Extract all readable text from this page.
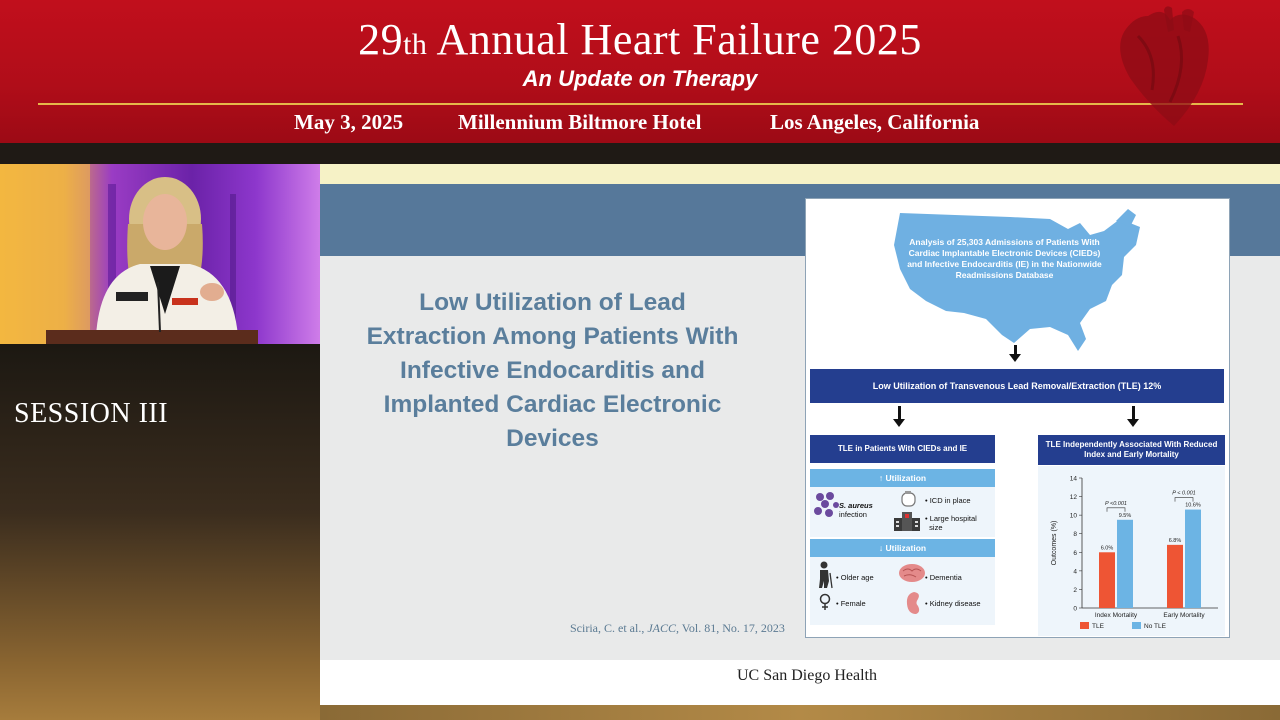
29th Annual Heart Failure 2025
An Update on Therapy
May 3, 2025	Millennium Biltmore Hotel	Los Angeles, California
SESSION III
Low Utilization of Lead Extraction Among Patients With Infective Endocarditis and Implanted Cardiac Electronic Devices
Sciria, C. et al., JACC, Vol. 81, No. 17, 2023
UC San Diego Health
Analysis of 25,303 Admissions of Patients With Cardiac Implantable Electronic Devices (CIEDs) and Infective Endocarditis (IE) in the Nationwide Readmissions Database
Low Utilization of Transvenous Lead Removal/Extraction (TLE) 12%
TLE in Patients With CIEDs and IE	TLE Independently Associated With Reduced Index and Early Mortality
↑ Utilization
S. aureus
infection
• ICD in place
• Large hospital
size
↓ Utilization
• Older age	• Dementia
• Female	• Kidney disease
0
2
4
6
8
10
12
14
Outcomes (%)	6.0%
9.5%
P <0.001
Index Mortality
6.8%
10.6%
P < 0.001
Early Mortality
TLE	No TLE
